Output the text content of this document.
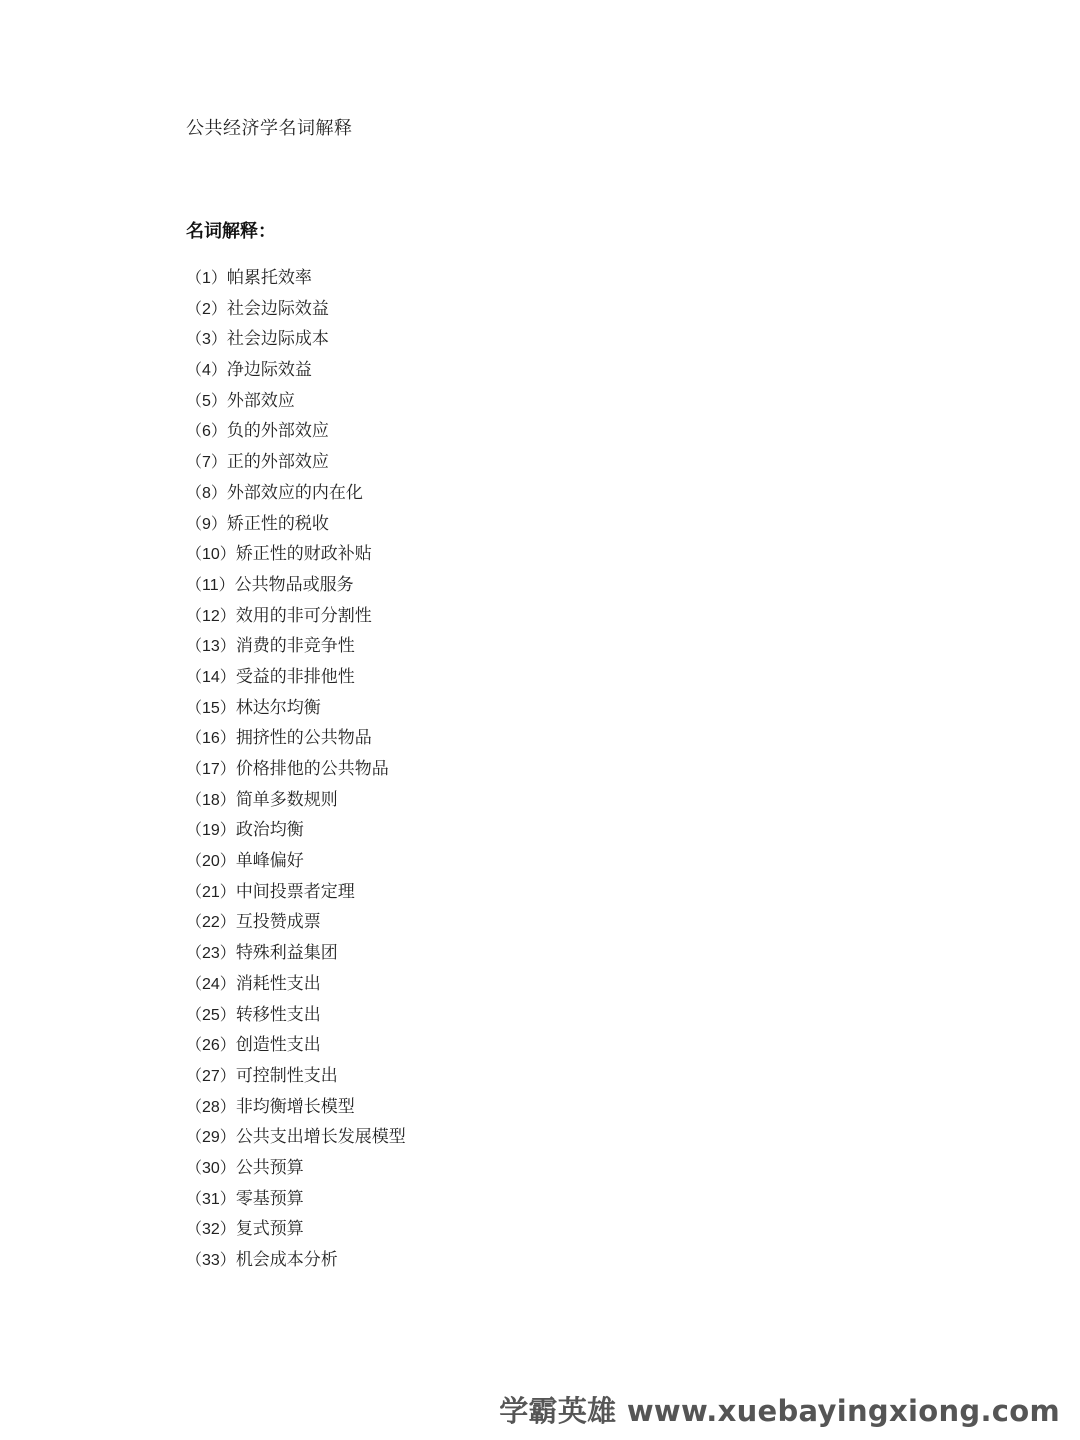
公共经济学名词解释
名词解释：
（1）帕累托效率
（2）社会边际效益
（3）社会边际成本
（4）净边际效益
（5）外部效应
（6）负的外部效应
（7）正的外部效应
（8）外部效应的内在化
（9）矫正性的税收
（10）矫正性的财政补贴
（11）公共物品或服务
（12）效用的非可分割性
（13）消费的非竞争性
（14）受益的非排他性
（15）林达尔均衡
（16）拥挤性的公共物品
（17）价格排他的公共物品
（18）简单多数规则
（19）政治均衡
（20）单峰偏好
（21）中间投票者定理
（22）互投赞成票
（23）特殊利益集团
（24）消耗性支出
（25）转移性支出
（26）创造性支出
（27）可控制性支出
（28）非均衡增长模型
（29）公共支出增长发展模型
（30）公共预算
（31）零基预算
（32）复式预算
（33）机会成本分析
学霸英雄 www.xuebayingxiong.com
